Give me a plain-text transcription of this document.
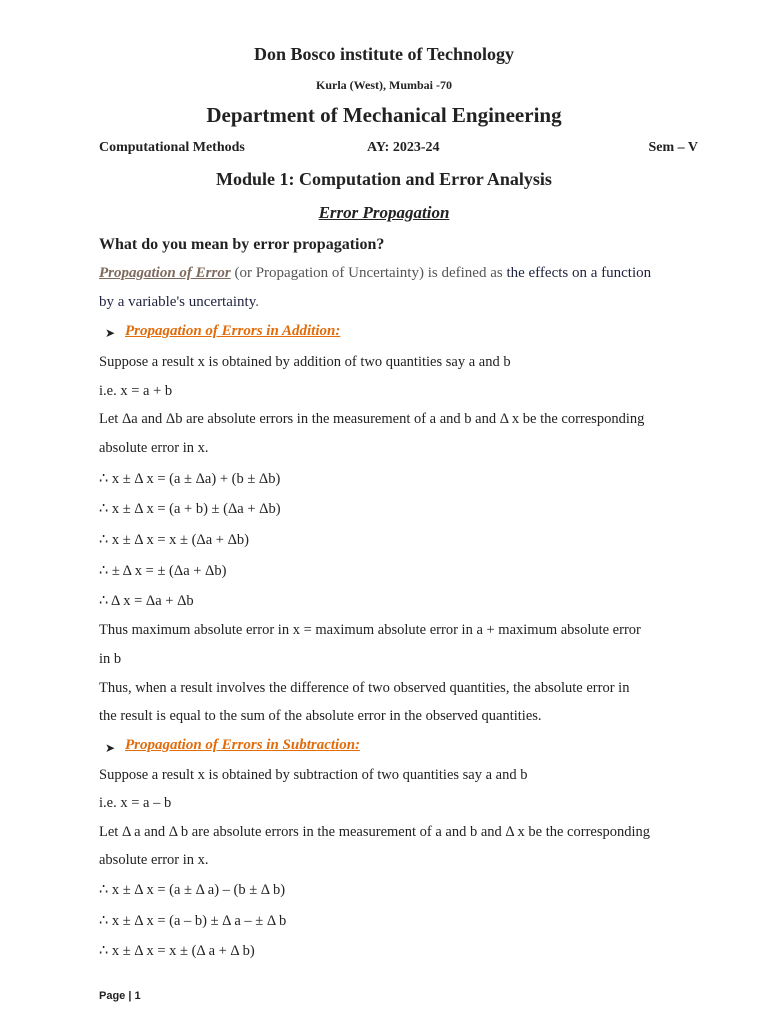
Don Bosco institute of Technology
Kurla (West), Mumbai -70
Department of Mechanical Engineering
Computational Methods	AY: 2023-24	Sem – V
Module 1: Computation and Error Analysis
Error Propagation
What do you mean by error propagation?
Propagation of Error (or Propagation of Uncertainty) is defined as the effects on a function
by a variable's uncertainty.
➤ Propagation of Errors in Addition:
Suppose a result x is obtained by addition of two quantities say a and b
i.e. x = a + b
Let Δa and Δb are absolute errors in the measurement of a and b and Δ x be the corresponding
absolute error in x.
∴ x ± Δ x = (a ± Δa) + (b ± Δb)
∴ x ± Δ x = (a + b) ± (Δa + Δb)
∴ x ± Δ x = x ± (Δa + Δb)
∴ ± Δ x = ± (Δa + Δb)
∴ Δ x = Δa + Δb
Thus maximum absolute error in x = maximum absolute error in a + maximum absolute error
in b
Thus, when a result involves the difference of two observed quantities, the absolute error in
the result is equal to the sum of the absolute error in the observed quantities.
➤ Propagation of Errors in Subtraction:
Suppose a result x is obtained by subtraction of two quantities say a and b
i.e. x = a – b
Let Δ a and Δ b are absolute errors in the measurement of a and b and Δ x be the corresponding
absolute error in x.
∴ x ± Δ x = (a ± Δ a) – (b ± Δ b)
∴ x ± Δ x = (a – b) ± Δ a – ± Δ b
∴ x ± Δ x = x ± (Δ a + Δ b)
Page | 1
